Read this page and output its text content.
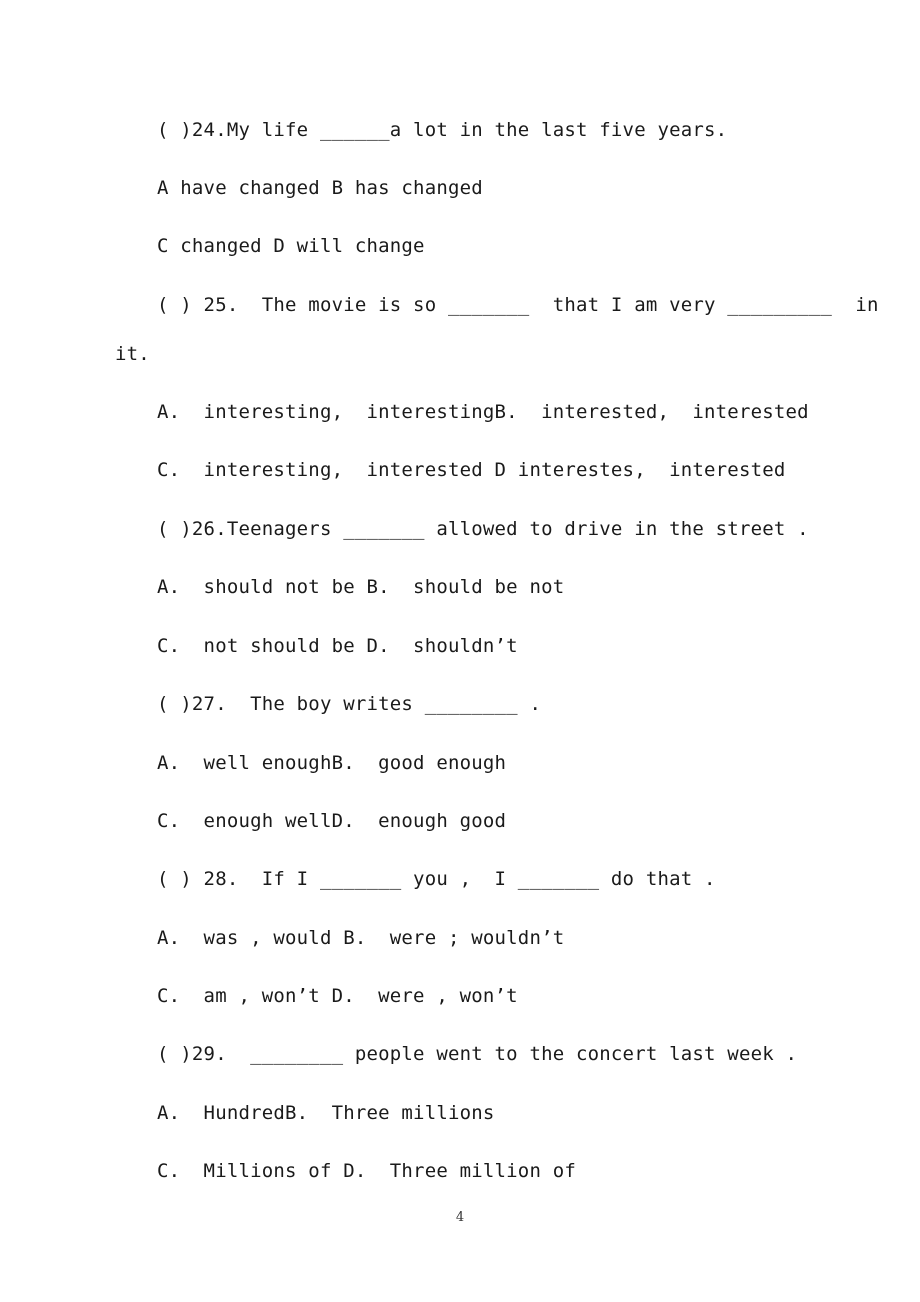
( )24.My life ______a lot in the last five years.
A have changed B has changed
C changed D will change
( ) 25.  The movie is so _______  that I am very _________  in
it.
A.  interesting,  interestingB.  interested,  interested
C.  interesting,  interested D interestes,  interested
( )26.Teenagers _______ allowed to drive in the street .
A.  should not be B.  should be not
C.  not should be D.  shouldn’t
( )27.  The boy writes ________ .
A.  well enoughB.  good enough
C.  enough wellD.  enough good
( ) 28.  If I _______ you ,  I _______ do that .
A.  was , would B.  were ; wouldn’t
C.  am , won’t D.  were , won’t
( )29.  ________ people went to the concert last week .
A.  HundredB.  Three millions
C.  Millions of D.  Three million of
4
